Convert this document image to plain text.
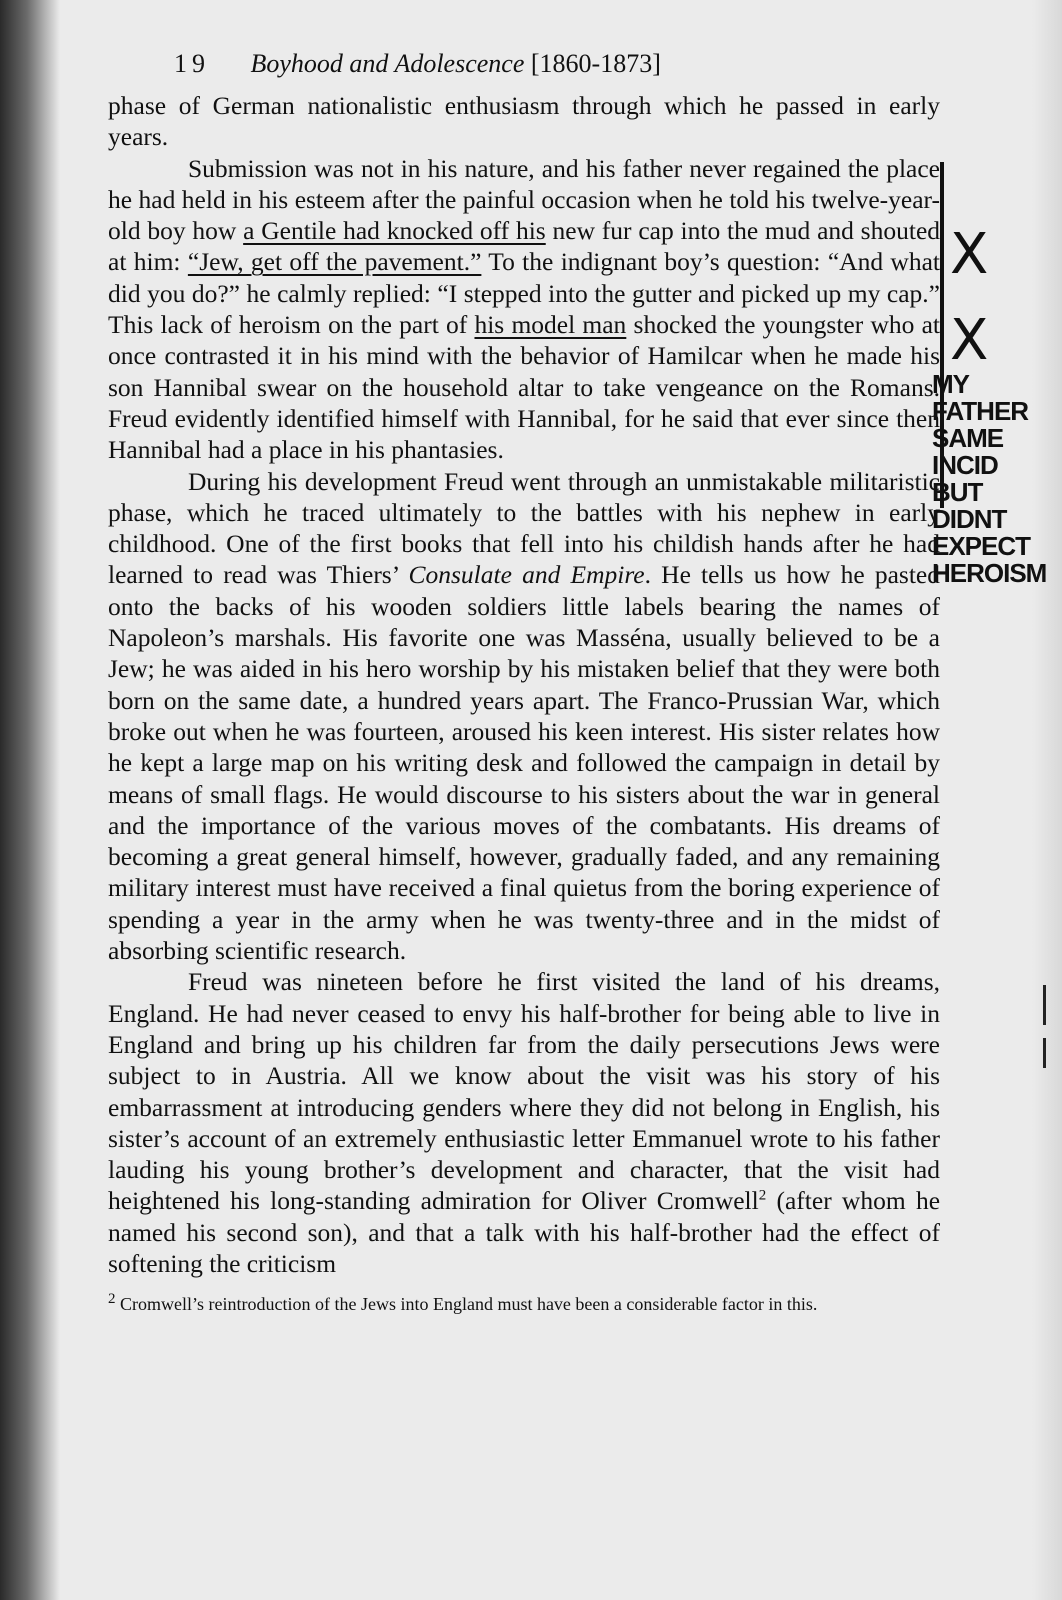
19 Boyhood and Adolescence [1860-1873]

phase of German nationalistic enthusiasm through which he passed in early years.

Submission was not in his nature, and his father never regained the place he had held in his esteem after the painful occasion when he told his twelve-year-old boy how a Gentile had knocked off his new fur cap into the mud and shouted at him: “Jew, get off the pavement.” To the indignant boy’s question: “And what did you do?” he calmly replied: “I stepped into the gutter and picked up my cap.” This lack of heroism on the part of his model man shocked the youngster who at once contrasted it in his mind with the behavior of Hamilcar when he made his son Hannibal swear on the household altar to take vengeance on the Romans. Freud evidently identified himself with Hannibal, for he said that ever since then Hannibal had a place in his phantasies.

During his development Freud went through an unmistakable militaristic phase, which he traced ultimately to the battles with his nephew in early childhood. One of the first books that fell into his childish hands after he had learned to read was Thiers’ Consulate and Empire. He tells us how he pasted onto the backs of his wooden soldiers little labels bearing the names of Napoleon’s marshals. His favorite one was Masséna, usually believed to be a Jew; he was aided in his hero worship by his mistaken belief that they were both born on the same date, a hundred years apart. The Franco-Prussian War, which broke out when he was fourteen, aroused his keen interest. His sister relates how he kept a large map on his writing desk and followed the campaign in detail by means of small flags. He would discourse to his sisters about the war in general and the importance of the various moves of the combatants. His dreams of becoming a great general himself, however, gradually faded, and any remaining military interest must have received a final quietus from the boring experience of spending a year in the army when he was twenty-three and in the midst of absorbing scientific research.

Freud was nineteen before he first visited the land of his dreams, England. He had never ceased to envy his half-brother for being able to live in England and bring up his children far from the daily persecutions Jews were subject to in Austria. All we know about the visit was his story of his embarrassment at introducing genders where they did not belong in English, his sister’s account of an extremely enthusiastic letter Emmanuel wrote to his father lauding his young brother’s development and character, that the visit had heightened his long-standing admiration for Oliver Cromwell$^2$ (after whom he named his second son), and that a talk with his half-brother had the effect of softening the criticism

$^2$ Cromwell’s reintroduction of the Jews into England must have been a considerable factor in this.
X
X
MY
FATHER
SAME
INCID
BUT
DIDNT
EXPECT
HEROISM
